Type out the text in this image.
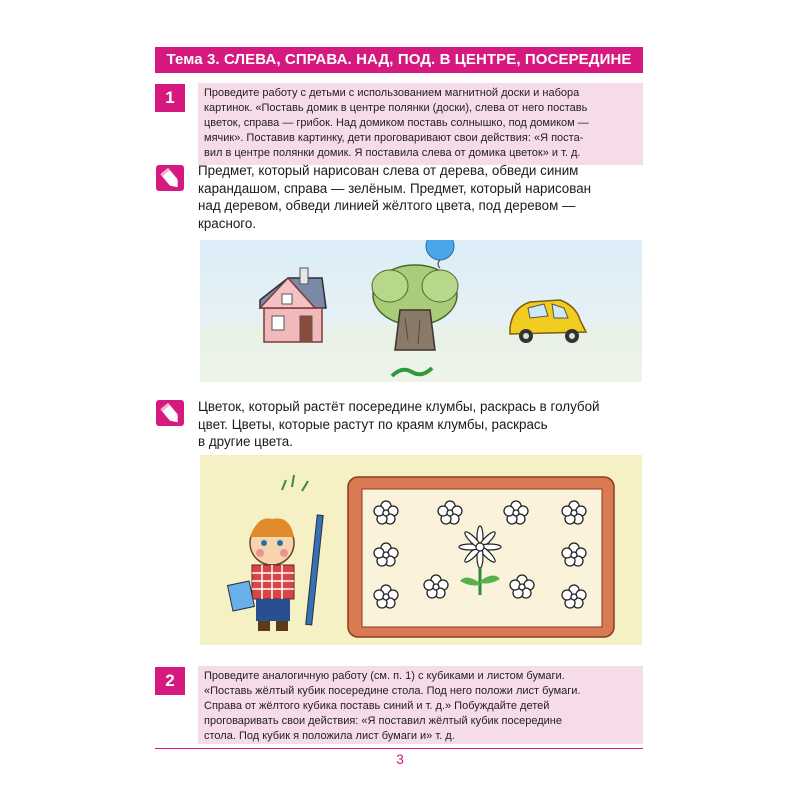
Тема 3. СЛЕВА, СПРАВА. НАД, ПОД. В ЦЕНТРЕ, ПОСЕРЕДИНЕ
1	Проведите работу с детьми с использованием магнитной доски и набора
картинок. «Поставь домик в центре полянки (доски), слева от него поставь
цветок, справа — грибок. Над домиком поставь солнышко, под домиком —
мячик». Поставив картинку, дети проговаривают свои действия: «Я поста-
вил в центре полянки домик. Я поставила слева от домика цветок» и т. д.
Предмет, который нарисован слева от дерева, обведи синим
карандашом, справа — зелёным. Предмет, который нарисован
над деревом, обведи линией жёлтого цвета, под деревом —
красного.
Цветок, который растёт посередине клумбы, раскрась в голубой
цвет. Цветы, которые растут по краям клумбы, раскрась
в другие цвета.
2	Проведите аналогичную работу (см. п. 1) с кубиками и листом бумаги.
«Поставь жёлтый кубик посередине стола. Под него положи лист бумаги.
Справа от жёлтого кубика поставь синий и т. д.» Побуждайте детей
проговаривать свои действия: «Я поставил жёлтый кубик посередине
стола. Под кубик я положила лист бумаги и» т. д.
3
